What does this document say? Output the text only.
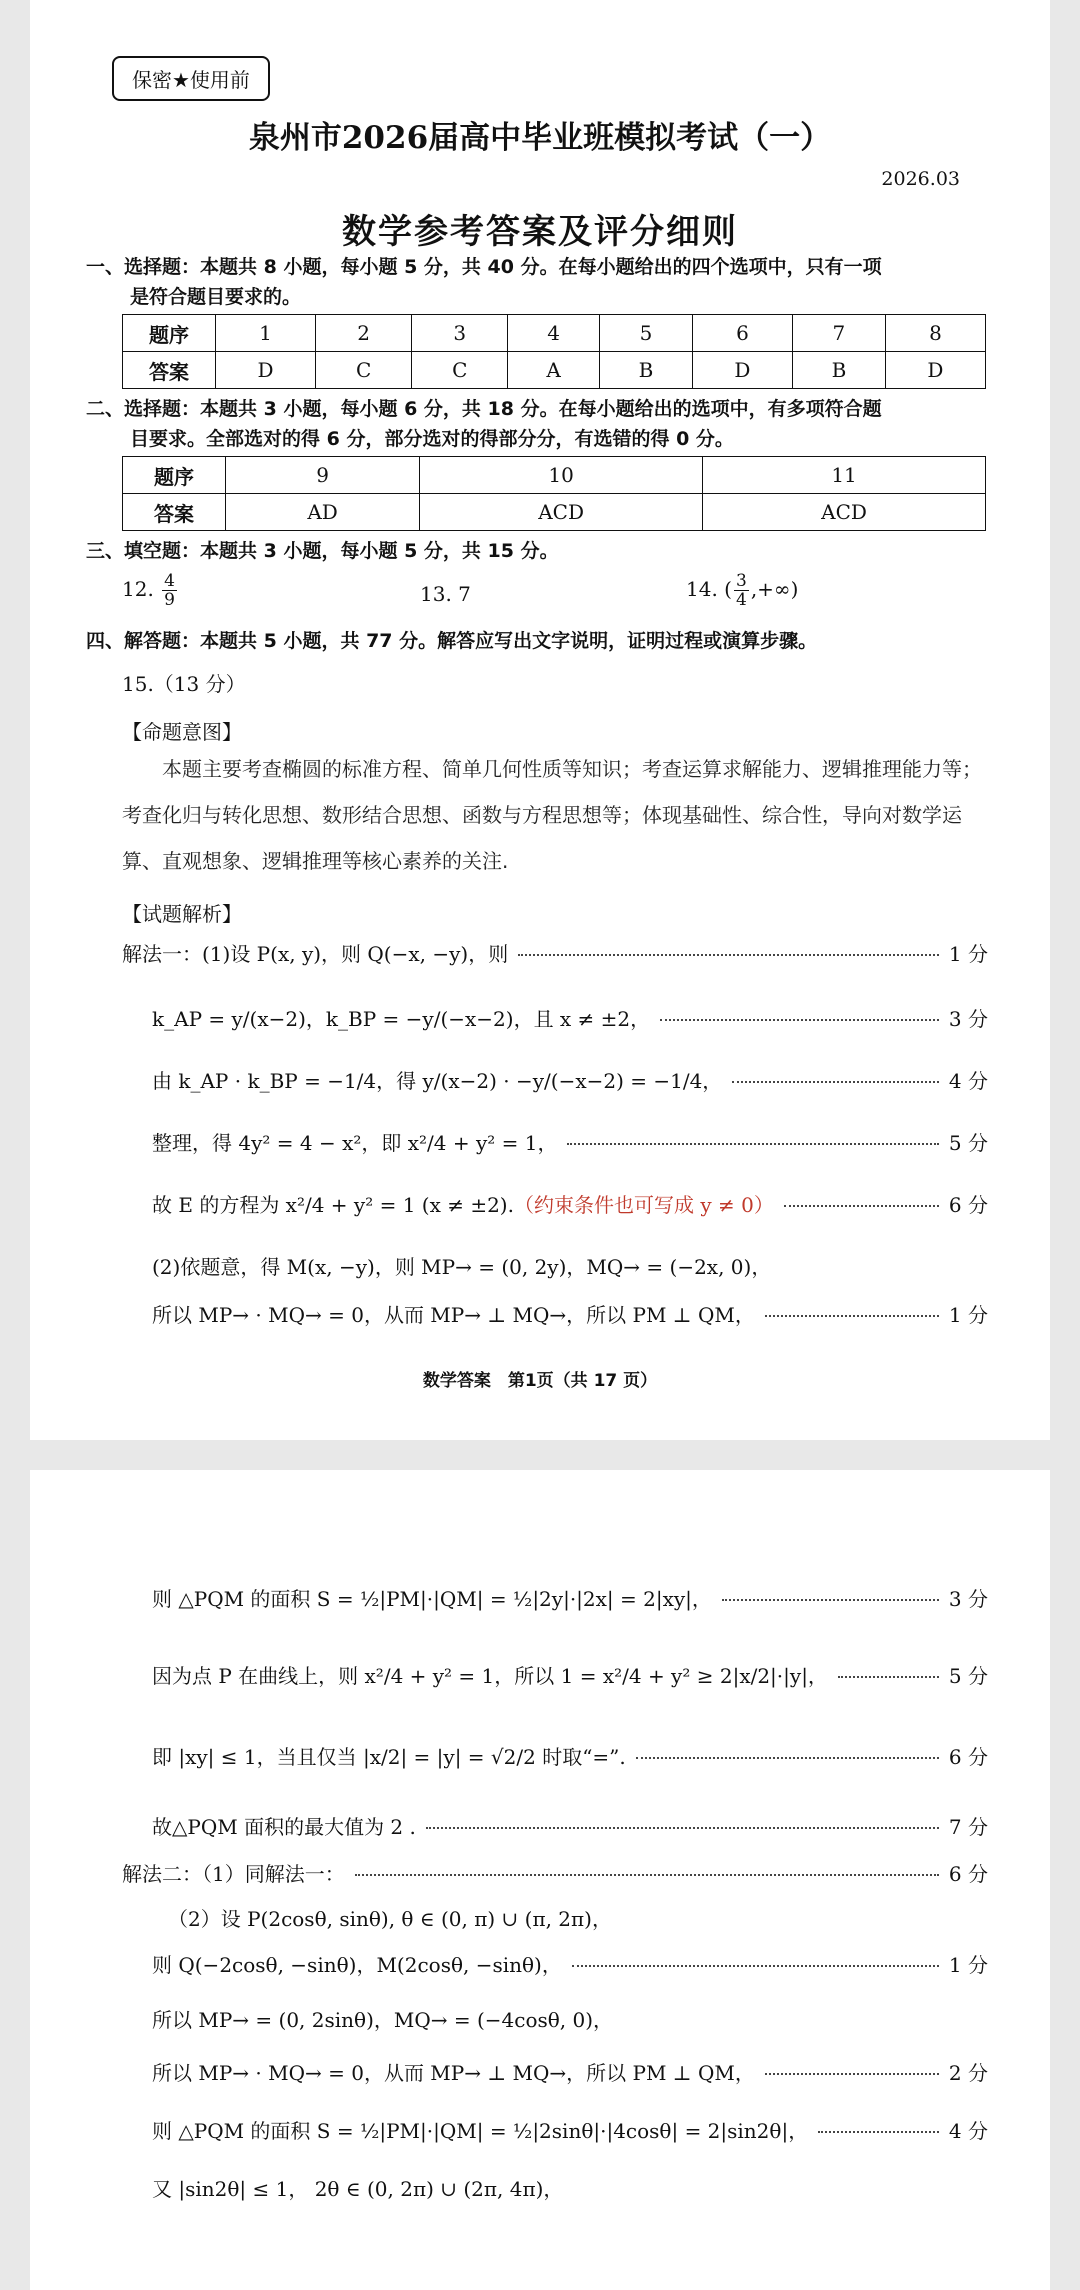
保密★使用前
泉州市2026届高中毕业班模拟考试（一）
2026.03
数学参考答案及评分细则
一、选择题：本题共 8 小题，每小题 5 分，共 40 分。在每小题给出的四个选项中，只有一项
是符合题目要求的。
题序	1	2	3	4	5	6	7	8
答案	D	C	C	A	B	D	B	D
二、选择题：本题共 3 小题，每小题 6 分，共 18 分。在每小题给出的选项中，有多项符合题
目要求。全部选对的得 6 分，部分选对的得部分分，有选错的得 0 分。
题序	9	10	11
答案	AD	ACD	ACD
三、填空题：本题共 3 小题，每小题 5 分，共 15 分。
12. $\frac{4}{9}$	13. 7	14. ( $\frac{3}{4}$ ,+∞)
四、解答题：本题共 5 小题，共 77 分。解答应写出文字说明，证明过程或演算步骤。
15.（13 分）
【命题意图】
本题主要考查椭圆的标准方程、简单几何性质等知识；考查运算求解能力、逻辑推理能力等；考查化归与转化思想、数形结合思想、函数与方程思想等；体现基础性、综合性，导向对数学运算、直观想象、逻辑推理等核心素养的关注.
【试题解析】
解法一：(1)设 P(x, y)，则 Q(−x, −y)，则	1 分
k_AP = y/(x−2)，k_BP = −y/(−x−2)，且 x ≠ ±2，	3 分
由 k_AP · k_BP = −1/4，得 y/(x−2) · −y/(−x−2) = −1/4，	4 分
整理，得 4y² = 4 − x²，即 x²/4 + y² = 1，	5 分
故 E 的方程为 x²/4 + y² = 1 (x ≠ ±2). （约束条件也可写成 y ≠ 0）	6 分
(2)依题意，得 M(x, −y)，则 MP→ = (0, 2y)，MQ→ = (−2x, 0)，
所以 MP→ · MQ→ = 0，从而 MP→ ⊥ MQ→，所以 PM ⊥ QM，	1 分
数学答案　第1页（共 17 页）
则 △PQM 的面积 S = ½|PM|·|QM| = ½|2y|·|2x| = 2|xy|，	3 分
因为点 P 在曲线上，则 x²/4 + y² = 1，所以 1 = x²/4 + y² ≥ 2|x/2|·|y|，	5 分
即 |xy| ≤ 1，当且仅当 |x/2| = |y| = √2/2 时取“=”.	6 分
故△PQM 面积的最大值为 2 .	7 分
解法二：（1）同解法一：	6 分
（2）设 P(2cosθ, sinθ), θ ∈ (0, π) ∪ (π, 2π)，
则 Q(−2cosθ, −sinθ)，M(2cosθ, −sinθ)，	1 分
所以 MP→ = (0, 2sinθ)，MQ→ = (−4cosθ, 0)，
所以 MP→ · MQ→ = 0，从而 MP→ ⊥ MQ→，所以 PM ⊥ QM，	2 分
则 △PQM 的面积 S = ½|PM|·|QM| = ½|2sinθ|·|4cosθ| = 2|sin2θ|，	4 分
又 |sin2θ| ≤ 1， 2θ ∈ (0, 2π) ∪ (2π, 4π)，
